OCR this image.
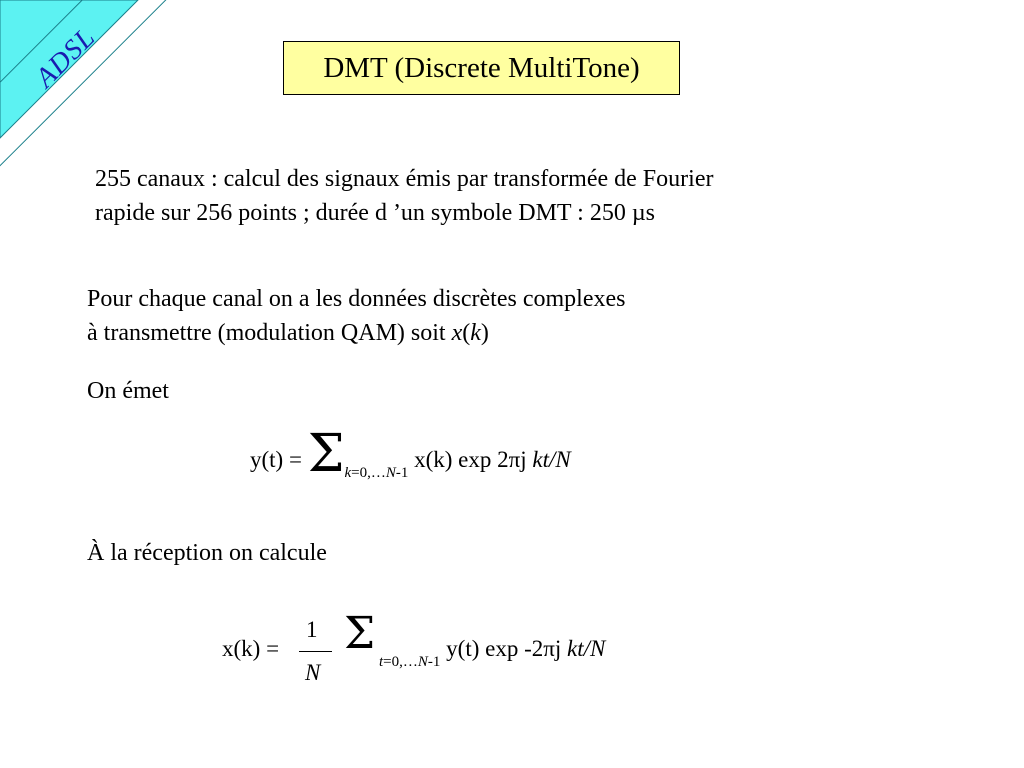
ADSL	DMT (Discrete MultiTone)
255 canaux : calcul des signaux émis par transformée de Fourier
rapide sur 256 points ; durée d ’un symbole DMT : 250 µs
Pour chaque canal on a les données discrètes complexes
à transmettre (modulation QAM) soit x(k)
On émet
$y(t) = \Sigma_{k=0,\dots N-1}$ x(k) exp 2πj kt/N
À la réception on calcule
x(k) =
1
N
Σ
$_{t=0,\dots N-1}$ y(t) exp -2πj kt/N
